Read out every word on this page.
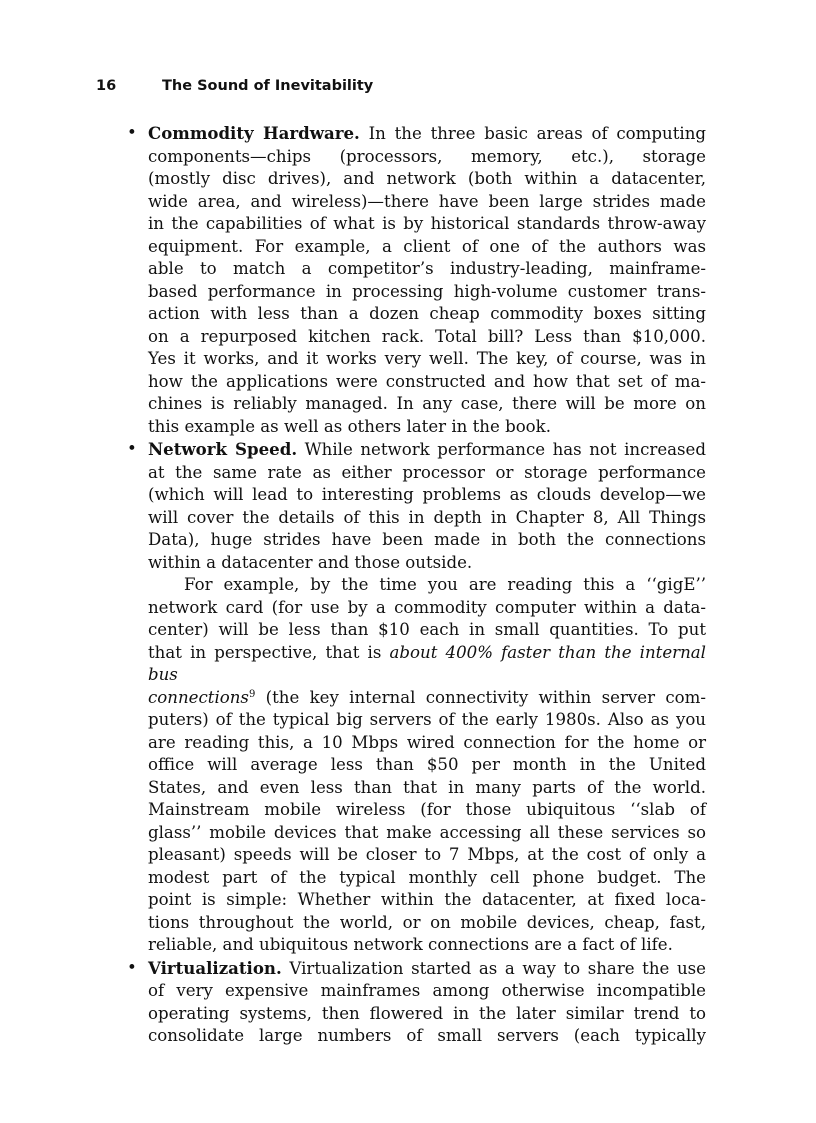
16	The Sound of Inevitability
• Commodity Hardware. In the three basic areas of computing
components—chips (processors, memory, etc.), storage
(mostly disc drives), and network (both within a datacenter,
wide area, and wireless)—there have been large strides made
in the capabilities of what is by historical standards throw-away
equipment. For example, a client of one of the authors was
able to match a competitor’s industry-leading, mainframe-
based performance in processing high-volume customer trans-
action with less than a dozen cheap commodity boxes sitting
on a repurposed kitchen rack. Total bill? Less than $10,000.
Yes it works, and it works very well. The key, of course, was in
how the applications were constructed and how that set of ma-
chines is reliably managed. In any case, there will be more on
this example as well as others later in the book.
• Network Speed. While network performance has not increased
at the same rate as either processor or storage performance
(which will lead to interesting problems as clouds develop—we
will cover the details of this in depth in Chapter 8, All Things
Data), huge strides have been made in both the connections
within a datacenter and those outside.
For example, by the time you are reading this a ‘‘gigE’’
network card (for use by a commodity computer within a data-
center) will be less than $10 each in small quantities. To put
that in perspective, that is about 400% faster than the internal bus
connections$^9$ (the key internal connectivity within server com-
puters) of the typical big servers of the early 1980s. Also as you
are reading this, a 10 Mbps wired connection for the home or
office will average less than $50 per month in the United
States, and even less than that in many parts of the world.
Mainstream mobile wireless (for those ubiquitous ‘‘slab of
glass’’ mobile devices that make accessing all these services so
pleasant) speeds will be closer to 7 Mbps, at the cost of only a
modest part of the typical monthly cell phone budget. The
point is simple: Whether within the datacenter, at fixed loca-
tions throughout the world, or on mobile devices, cheap, fast,
reliable, and ubiquitous network connections are a fact of life.
• Virtualization. Virtualization started as a way to share the use
of very expensive mainframes among otherwise incompatible
operating systems, then flowered in the later similar trend to
consolidate large numbers of small servers (each typically
